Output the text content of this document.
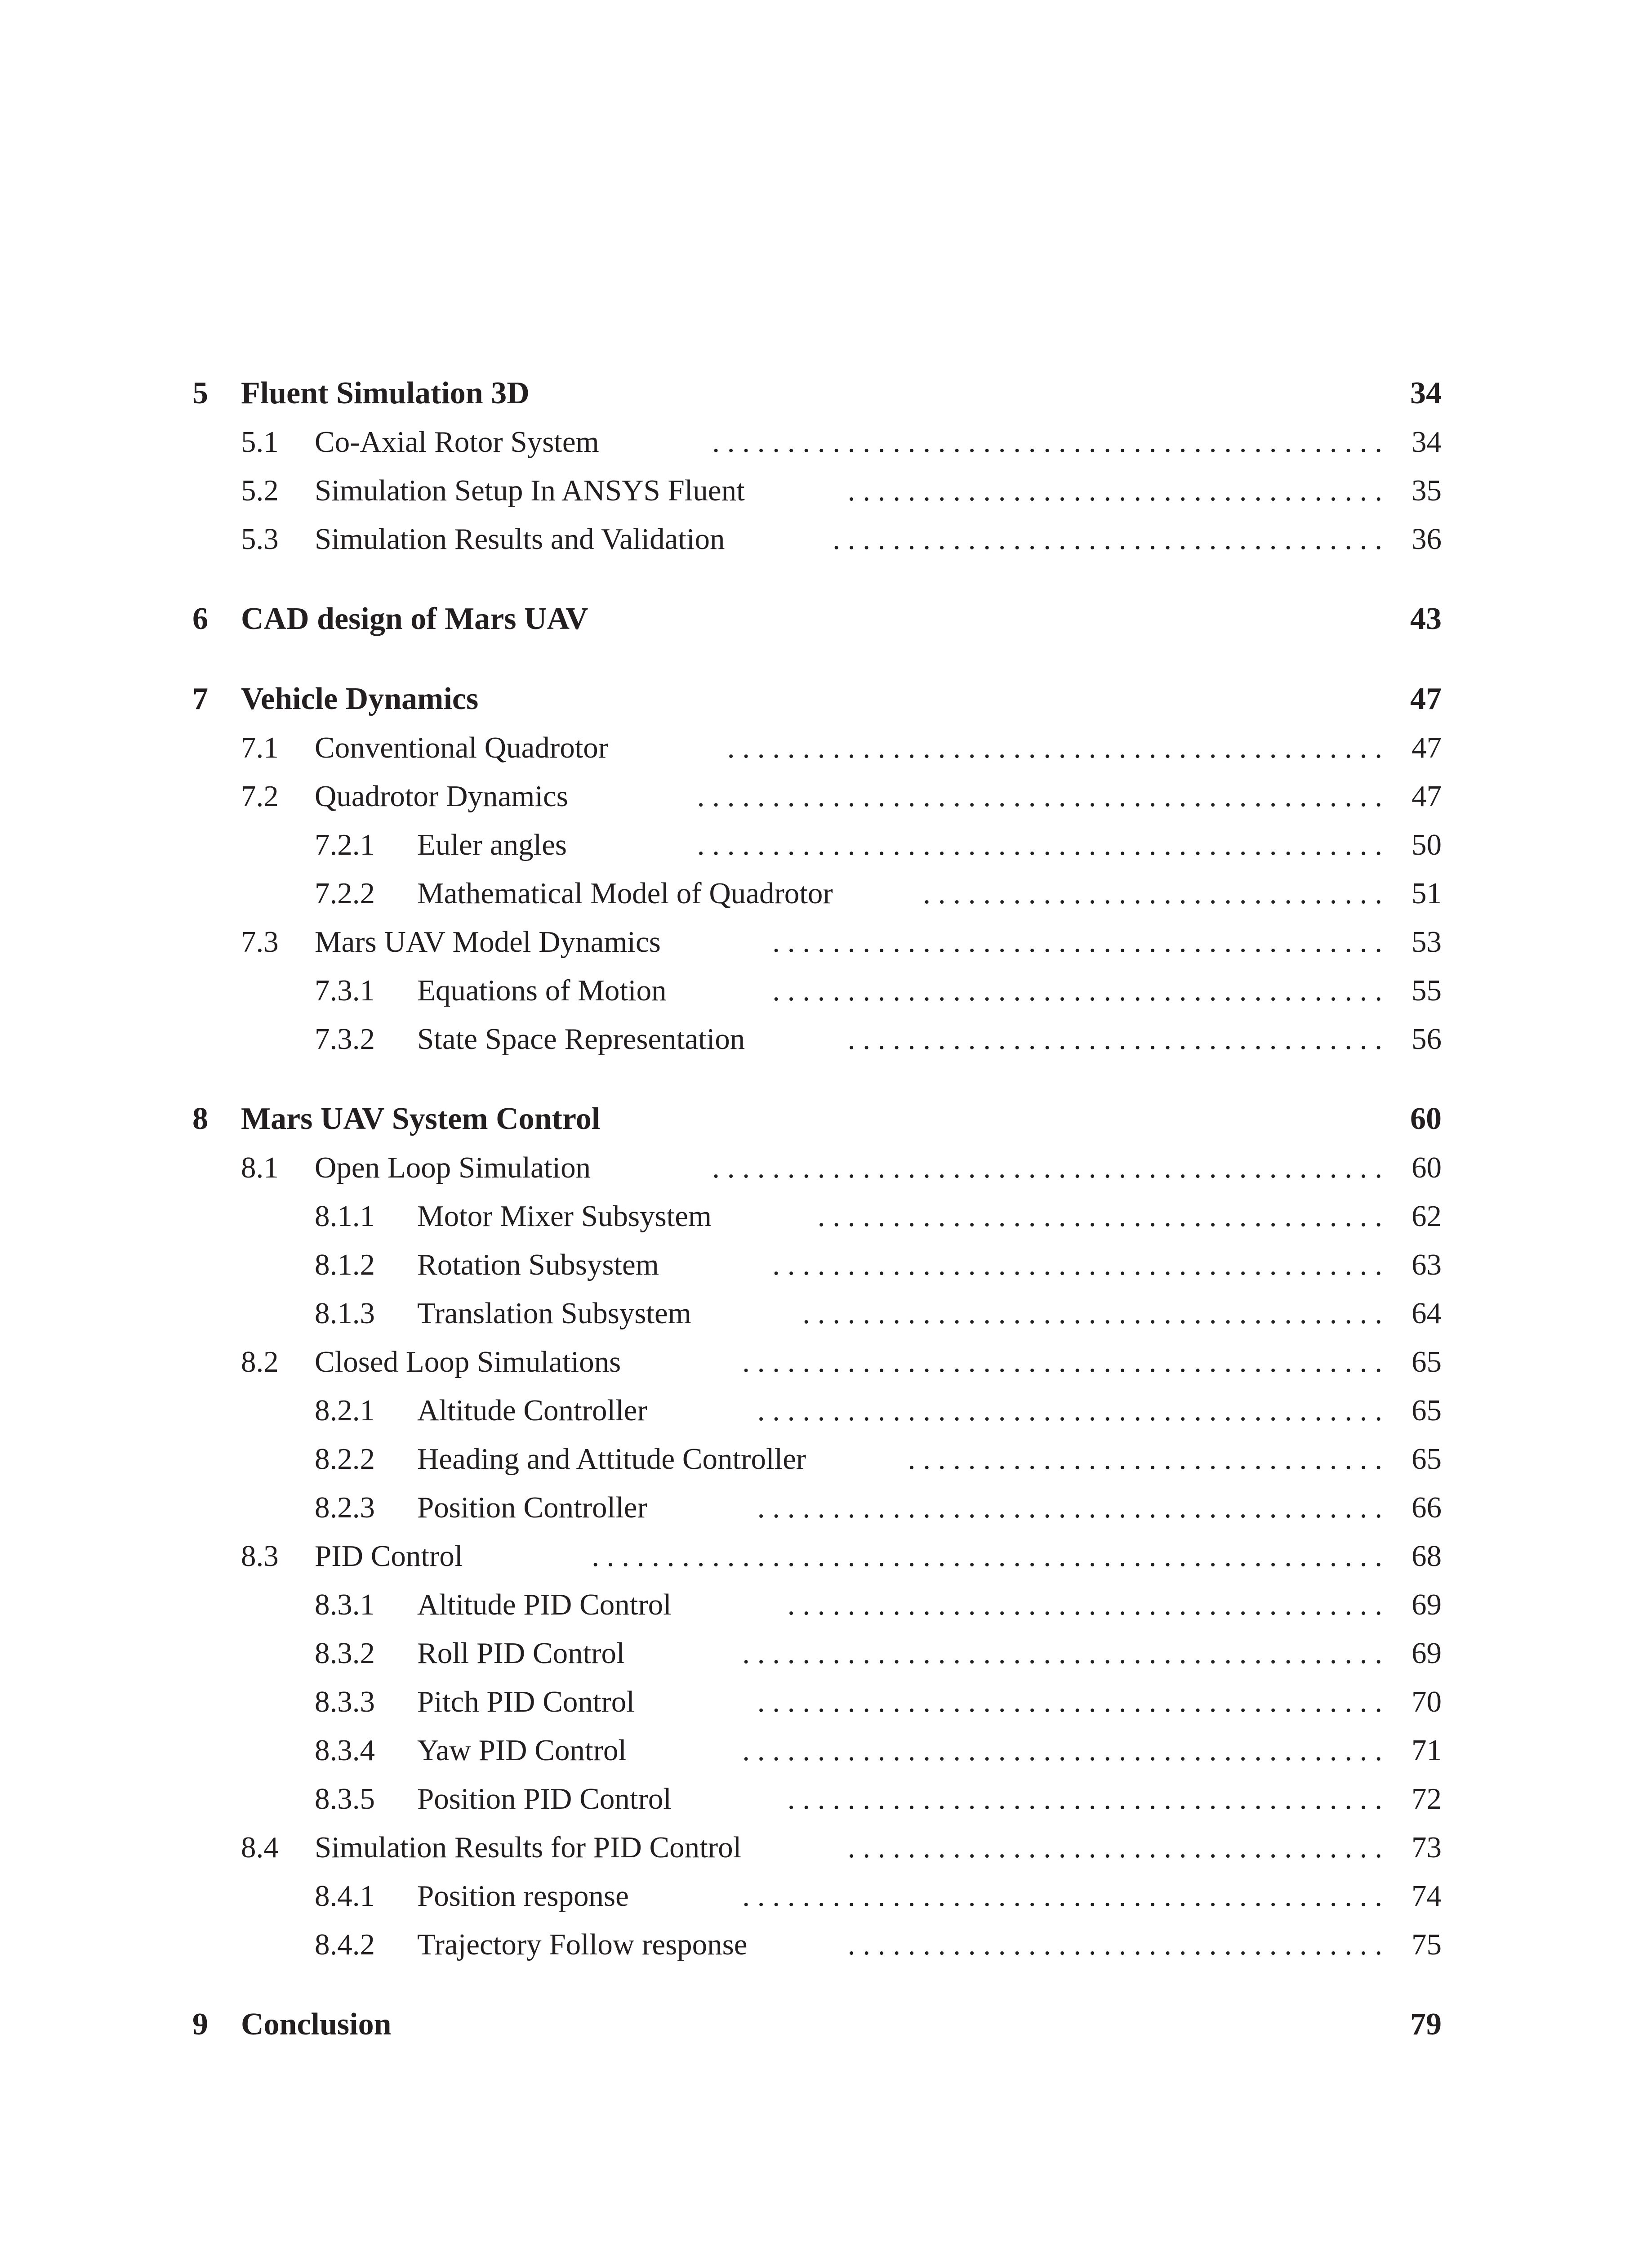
5 Fluent Simulation 3D	34
5.1 Co-Axial Rotor System	. . . . . . . . . . . . . . . . . . . . . . . . . . . . . . . . . . . . . . . . . . . . . 34
5.2 Simulation Setup In ANSYS Fluent	. . . . . . . . . . . . . . . . . . . . . . . . . . . . . . . . . . . . 35
5.3 Simulation Results and Validation	. . . . . . . . . . . . . . . . . . . . . . . . . . . . . . . . . . . . . 36
6 CAD design of Mars UAV	43
7 Vehicle Dynamics	47
7.1 Conventional Quadrotor	. . . . . . . . . . . . . . . . . . . . . . . . . . . . . . . . . . . . . . . . . . . . 47
7.2 Quadrotor Dynamics	. . . . . . . . . . . . . . . . . . . . . . . . . . . . . . . . . . . . . . . . . . . . . . 47
7.2.1 Euler angles	. . . . . . . . . . . . . . . . . . . . . . . . . . . . . . . . . . . . . . . . . . . . . . 50
7.2.2 Mathematical Model of Quadrotor	. . . . . . . . . . . . . . . . . . . . . . . . . . . . . . . 51
7.3 Mars UAV Model Dynamics	. . . . . . . . . . . . . . . . . . . . . . . . . . . . . . . . . . . . . . . . . 53
7.3.1 Equations of Motion	. . . . . . . . . . . . . . . . . . . . . . . . . . . . . . . . . . . . . . . . . 55
7.3.2 State Space Representation	. . . . . . . . . . . . . . . . . . . . . . . . . . . . . . . . . . . . 56
8 Mars UAV System Control	60
8.1 Open Loop Simulation	. . . . . . . . . . . . . . . . . . . . . . . . . . . . . . . . . . . . . . . . . . . . . 60
8.1.1 Motor Mixer Subsystem	. . . . . . . . . . . . . . . . . . . . . . . . . . . . . . . . . . . . . . 62
8.1.2 Rotation Subsystem	. . . . . . . . . . . . . . . . . . . . . . . . . . . . . . . . . . . . . . . . . 63
8.1.3 Translation Subsystem	. . . . . . . . . . . . . . . . . . . . . . . . . . . . . . . . . . . . . . . 64
8.2 Closed Loop Simulations	. . . . . . . . . . . . . . . . . . . . . . . . . . . . . . . . . . . . . . . . . . . 65
8.2.1 Altitude Controller	. . . . . . . . . . . . . . . . . . . . . . . . . . . . . . . . . . . . . . . . . . 65
8.2.2 Heading and Attitude Controller	. . . . . . . . . . . . . . . . . . . . . . . . . . . . . . . . 65
8.2.3 Position Controller	. . . . . . . . . . . . . . . . . . . . . . . . . . . . . . . . . . . . . . . . . . 66
8.3 PID Control	. . . . . . . . . . . . . . . . . . . . . . . . . . . . . . . . . . . . . . . . . . . . . . . . . . . . . 68
8.3.1 Altitude PID Control	. . . . . . . . . . . . . . . . . . . . . . . . . . . . . . . . . . . . . . . . 69
8.3.2 Roll PID Control	. . . . . . . . . . . . . . . . . . . . . . . . . . . . . . . . . . . . . . . . . . . 69
8.3.3 Pitch PID Control	. . . . . . . . . . . . . . . . . . . . . . . . . . . . . . . . . . . . . . . . . . 70
8.3.4 Yaw PID Control	. . . . . . . . . . . . . . . . . . . . . . . . . . . . . . . . . . . . . . . . . . . 71
8.3.5 Position PID Control	. . . . . . . . . . . . . . . . . . . . . . . . . . . . . . . . . . . . . . . . 72
8.4 Simulation Results for PID Control	. . . . . . . . . . . . . . . . . . . . . . . . . . . . . . . . . . . . 73
8.4.1 Position response	. . . . . . . . . . . . . . . . . . . . . . . . . . . . . . . . . . . . . . . . . . . 74
8.4.2 Trajectory Follow response	. . . . . . . . . . . . . . . . . . . . . . . . . . . . . . . . . . . . 75
9 Conclusion	79
